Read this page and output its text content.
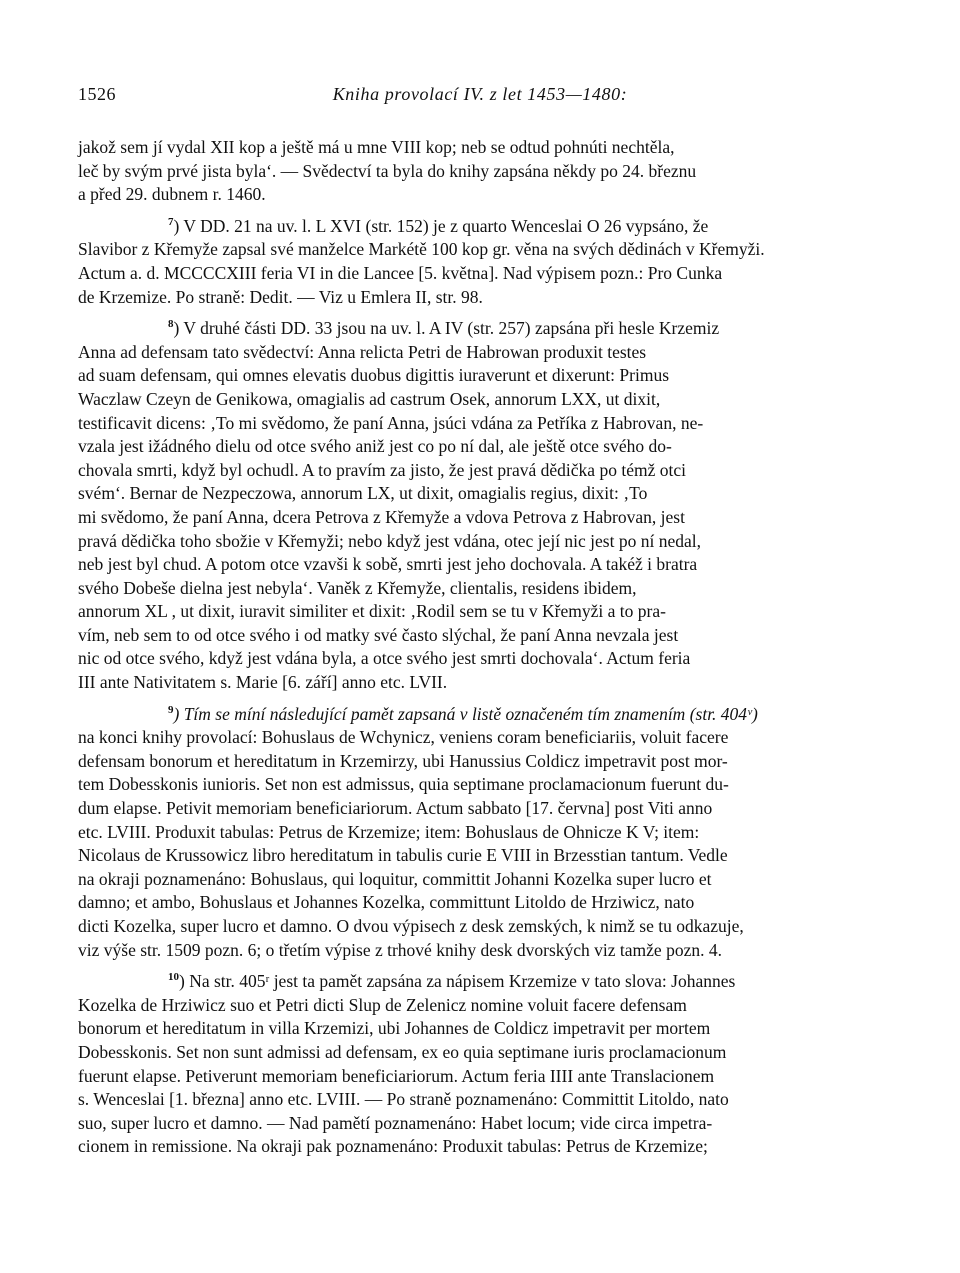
1526	Kniha provolací IV. z let 1453—1480:
jakož sem jí vydal XII kop a ještě má u mne VIII kop; neb se odtud pohnúti nechtěla,
leč by svým prvé jista byla‘. — Svědectví ta byla do knihy zapsána někdy po 24. březnu
a před 29. dubnem r. 1460.
$^7$) V DD. 21 na uv. l. L XVI (str. 152) je z quarto Wenceslai O 26 vypsáno, že
Slavibor z Křemyže zapsal své manželce Markétě 100 kop gr. věna na svých dědinách v Křemyži.
Actum a. d. MCCCCXIII feria VI in die Lancee [5. května]. Nad výpisem pozn.: Pro Cunka
de Krzemize. Po straně: Dedit. — Viz u Emlera II, str. 98.
$^8$) V druhé části DD. 33 jsou na uv. l. A IV (str. 257) zapsána při hesle Krzemiz
Anna ad defensam tato svědectví: Anna relicta Petri de Habrowan produxit testes
ad suam defensam, qui omnes elevatis duobus digittis iuraverunt et dixerunt: Primus
Waczlaw Czeyn de Genikowa, omagialis ad castrum Osek, annorum LXX, ut dixit,
testificavit dicens: ‚To mi svědomo, že paní Anna, jsúci vdána za Petříka z Habrovan, ne-
vzala jest ižádného dielu od otce svého aniž jest co po ní dal, ale ještě otce svého do-
chovala smrti, když byl ochudl. A to pravím za jisto, že jest pravá dědička po témž otci
svém‘. Bernar de Nezpeczowa, annorum LX, ut dixit, omagialis regius, dixit: ‚To
mi svědomo, že paní Anna, dcera Petrova z Křemyže a vdova Petrova z Habrovan, jest
pravá dědička toho sbožie v Křemyži; nebo když jest vdána, otec její nic jest po ní nedal,
neb jest byl chud. A potom otce vzavši k sobě, smrti jest jeho dochovala. A takéž i bratra
svého Dobeše dielna jest nebyla‘. Vaněk z Křemyže, clientalis, residens ibidem,
annorum XL , ut dixit, iuravit similiter et dixit: ‚Rodil sem se tu v Křemyži a to pra-
vím, neb sem to od otce svého i od matky své často slýchal, že paní Anna nevzala jest
nic od otce svého, když jest vdána byla, a otce svého jest smrti dochovala‘. Actum feria
III ante Nativitatem s. Marie [6. září] anno etc. LVII.
$^9$) Tím se míní následující pamět zapsaná v listě označeném tím znamením (str. 404ᵛ)
na konci knihy provolací: Bohuslaus de Wchynicz, veniens coram beneficiariis, voluit facere
defensam bonorum et hereditatum in Krzemirzy, ubi Hanussius Coldicz impetravit post mor-
tem Dobesskonis iunioris. Set non est admissus, quia septimane proclamacionum fuerunt du-
dum elapse. Petivit memoriam beneficiariorum. Actum sabbato [17. června] post Viti anno
etc. LVIII. Produxit tabulas: Petrus de Krzemize; item: Bohuslaus de Ohnicze K V; item:
Nicolaus de Krussowicz libro hereditatum in tabulis curie E VIII in Brzesstian tantum. Vedle
na okraji poznamenáno: Bohuslaus, qui loquitur, committit Johanni Kozelka super lucro et
damno; et ambo, Bohuslaus et Johannes Kozelka, committunt Litoldo de Hrziwicz, nato
dicti Kozelka, super lucro et damno. O dvou výpisech z desk zemských, k nimž se tu odkazuje,
viz výše str. 1509 pozn. 6; o třetím výpise z trhové knihy desk dvorských viz tamže pozn. 4.
$^{10}$) Na str. 405ʳ jest ta pamět zapsána za nápisem Krzemize v tato slova: Johannes
Kozelka de Hrziwicz suo et Petri dicti Slup de Zelenicz nomine voluit facere defensam
bonorum et hereditatum in villa Krzemizi, ubi Johannes de Coldicz impetravit per mortem
Dobesskonis. Set non sunt admissi ad defensam, ex eo quia septimane iuris proclamacionum
fuerunt elapse. Petiverunt memoriam beneficiariorum. Actum feria IIII ante Translacionem
s. Wenceslai [1. března] anno etc. LVIII. — Po straně poznamenáno: Committit Litoldo, nato
suo, super lucro et damno. — Nad pamětí poznamenáno: Habet locum; vide circa impetra-
cionem in remissione. Na okraji pak poznamenáno: Produxit tabulas: Petrus de Krzemize;
